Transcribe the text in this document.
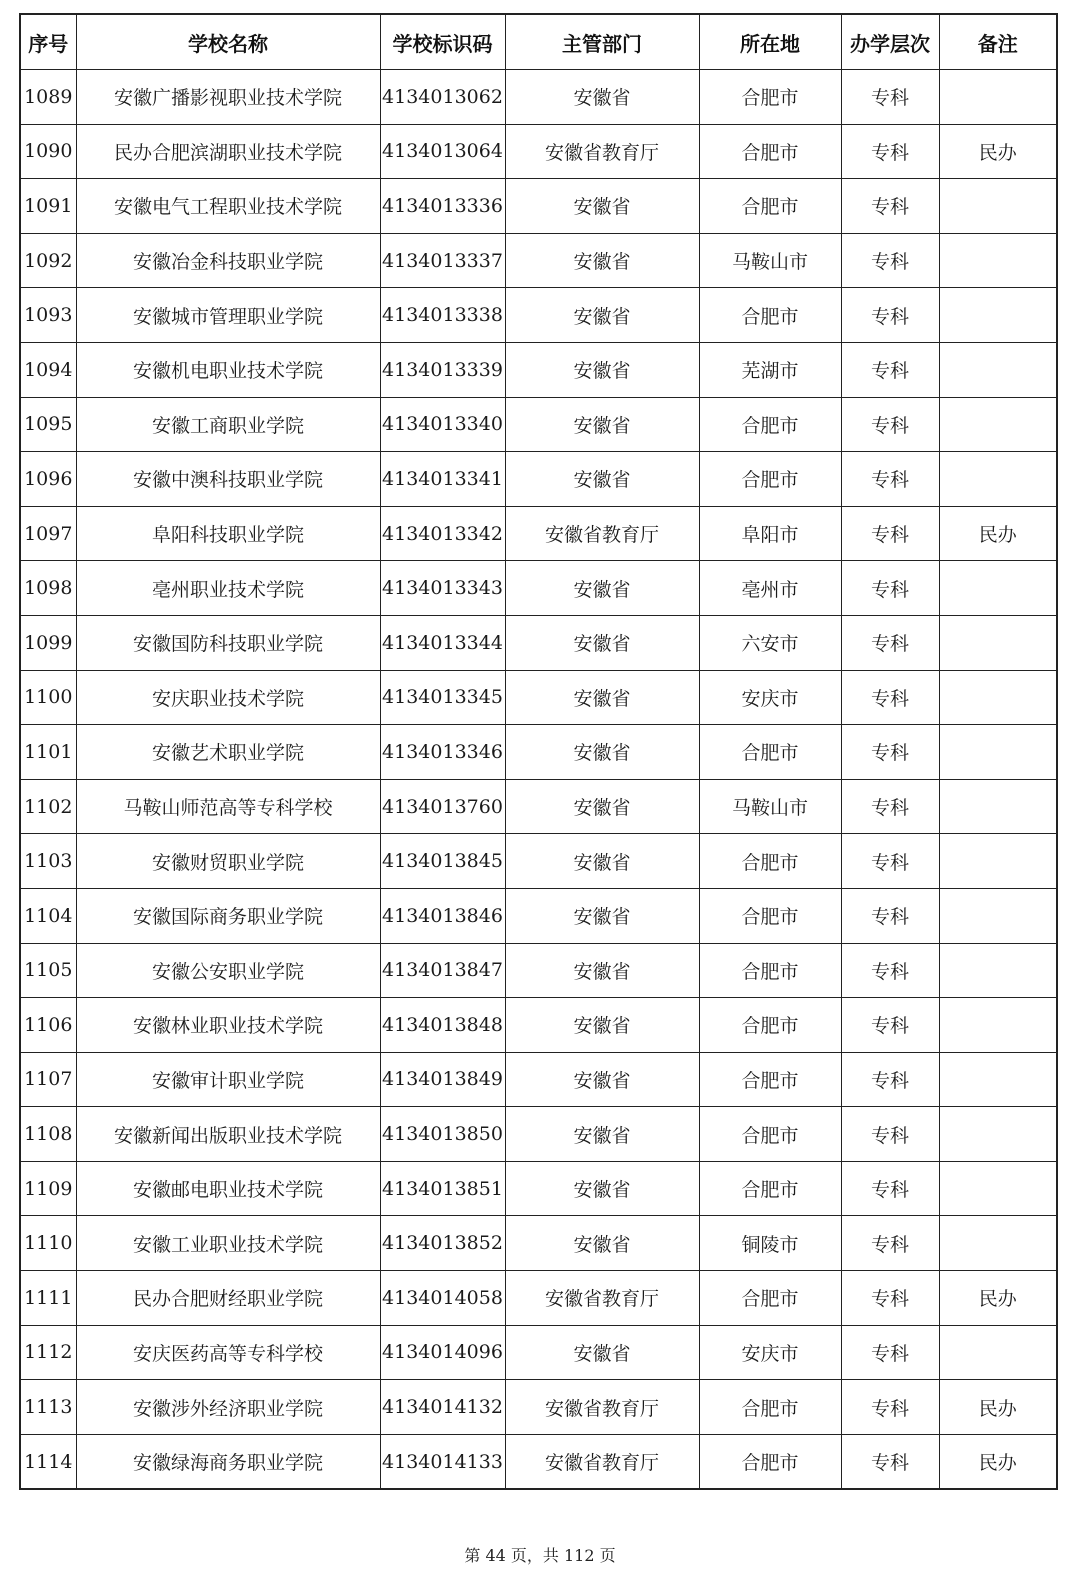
序号	学校名称	学校标识码	主管部门	所在地	办学层次	备注
1089	安徽广播影视职业技术学院	4134013062	安徽省	合肥市	专科	
1090	民办合肥滨湖职业技术学院	4134013064	安徽省教育厅	合肥市	专科	民办
1091	安徽电气工程职业技术学院	4134013336	安徽省	合肥市	专科	
1092	安徽冶金科技职业学院	4134013337	安徽省	马鞍山市	专科	
1093	安徽城市管理职业学院	4134013338	安徽省	合肥市	专科	
1094	安徽机电职业技术学院	4134013339	安徽省	芜湖市	专科	
1095	安徽工商职业学院	4134013340	安徽省	合肥市	专科	
1096	安徽中澳科技职业学院	4134013341	安徽省	合肥市	专科	
1097	阜阳科技职业学院	4134013342	安徽省教育厅	阜阳市	专科	民办
1098	亳州职业技术学院	4134013343	安徽省	亳州市	专科	
1099	安徽国防科技职业学院	4134013344	安徽省	六安市	专科	
1100	安庆职业技术学院	4134013345	安徽省	安庆市	专科	
1101	安徽艺术职业学院	4134013346	安徽省	合肥市	专科	
1102	马鞍山师范高等专科学校	4134013760	安徽省	马鞍山市	专科	
1103	安徽财贸职业学院	4134013845	安徽省	合肥市	专科	
1104	安徽国际商务职业学院	4134013846	安徽省	合肥市	专科	
1105	安徽公安职业学院	4134013847	安徽省	合肥市	专科	
1106	安徽林业职业技术学院	4134013848	安徽省	合肥市	专科	
1107	安徽审计职业学院	4134013849	安徽省	合肥市	专科	
1108	安徽新闻出版职业技术学院	4134013850	安徽省	合肥市	专科	
1109	安徽邮电职业技术学院	4134013851	安徽省	合肥市	专科	
1110	安徽工业职业技术学院	4134013852	安徽省	铜陵市	专科	
1111	民办合肥财经职业学院	4134014058	安徽省教育厅	合肥市	专科	民办
1112	安庆医药高等专科学校	4134014096	安徽省	安庆市	专科	
1113	安徽涉外经济职业学院	4134014132	安徽省教育厅	合肥市	专科	民办
1114	安徽绿海商务职业学院	4134014133	安徽省教育厅	合肥市	专科	民办
第 44 页，共 112 页
